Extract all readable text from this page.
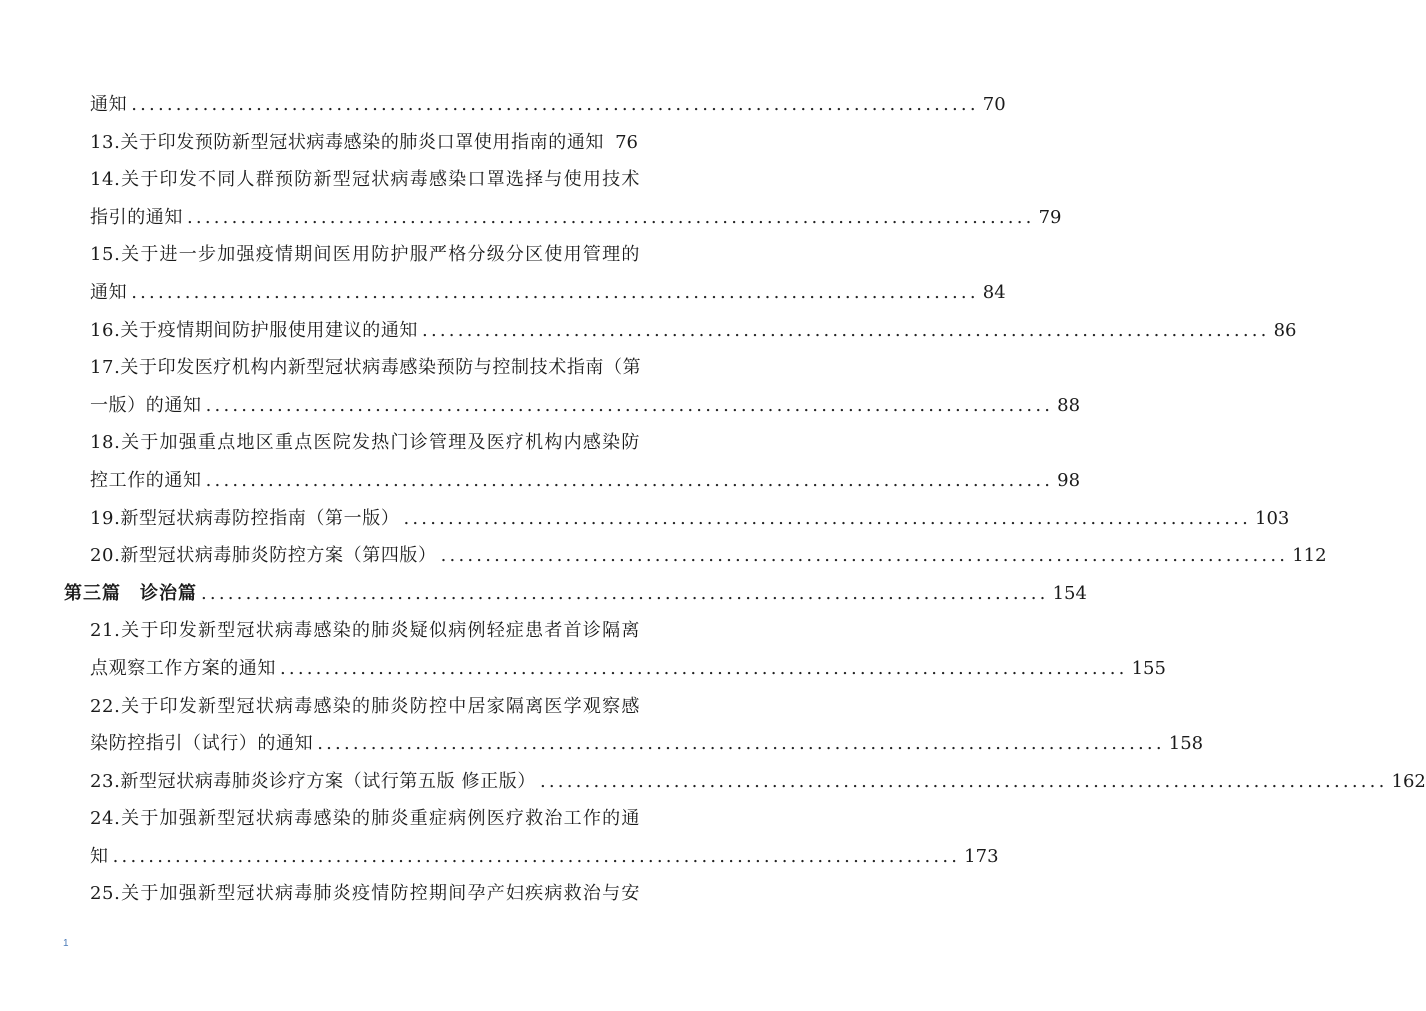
通知 ............................................................................................... 70
13.关于印发预防新型冠状病毒感染的肺炎口罩使用指南的通知 76
14.关于印发不同人群预防新型冠状病毒感染口罩选择与使用技术
指引的通知 ............................................................................................... 79
15.关于进一步加强疫情期间医用防护服严格分级分区使用管理的
通知 ............................................................................................... 84
16.关于疫情期间防护服使用建议的通知 ............................................................................................... 86
17.关于印发医疗机构内新型冠状病毒感染预防与控制技术指南（第
一版）的通知 ............................................................................................... 88
18.关于加强重点地区重点医院发热门诊管理及医疗机构内感染防
控工作的通知 ............................................................................................... 98
19.新型冠状病毒防控指南（第一版） ............................................................................................... 103
20.新型冠状病毒肺炎防控方案（第四版） ............................................................................................... 112
第三篇　诊治篇 ............................................................................................... 154
21.关于印发新型冠状病毒感染的肺炎疑似病例轻症患者首诊隔离
点观察工作方案的通知 ............................................................................................... 155
22.关于印发新型冠状病毒感染的肺炎防控中居家隔离医学观察感
染防控指引（试行）的通知 ............................................................................................... 158
23.新型冠状病毒肺炎诊疗方案（试行第五版 修正版） ............................................................................................... 162
24.关于加强新型冠状病毒感染的肺炎重症病例医疗救治工作的通
知 ............................................................................................... 173
25.关于加强新型冠状病毒肺炎疫情防控期间孕产妇疾病救治与安
1
